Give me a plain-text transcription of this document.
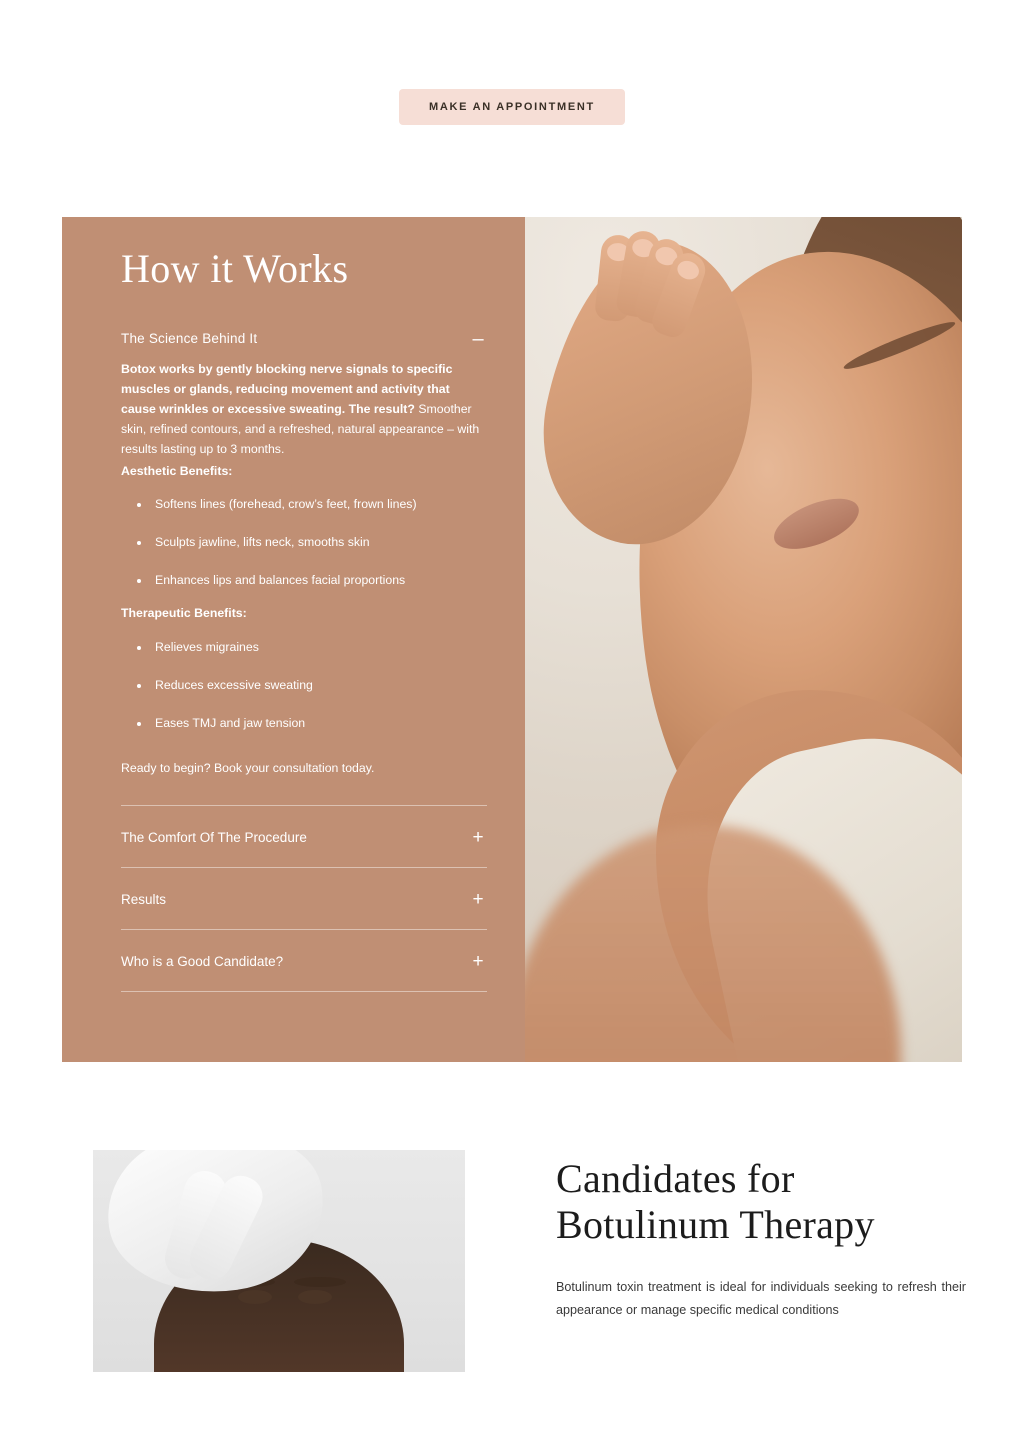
MAKE AN APPOINTMENT
How it Works
The Science Behind It	–

Botox works by gently blocking nerve signals to specific muscles or glands, reducing movement and activity that cause wrinkles or excessive sweating. The result? Smoother skin, refined contours, and a refreshed, natural appearance – with results lasting up to 3 months.

Aesthetic Benefits:

• Softens lines (forehead, crow’s feet, frown lines)
• Sculpts jawline, lifts neck, smooths skin
• Enhances lips and balances facial proportions

Therapeutic Benefits:

• Relieves migraines
• Reduces excessive sweating
• Eases TMJ and jaw tension

Ready to begin? Book your consultation today.

The Comfort Of The Procedure	+
Results	+
Who is a Good Candidate?	+
Candidates for Botulinum Therapy

Botulinum toxin treatment is ideal for individuals seeking to refresh their appearance or manage specific medical conditions
